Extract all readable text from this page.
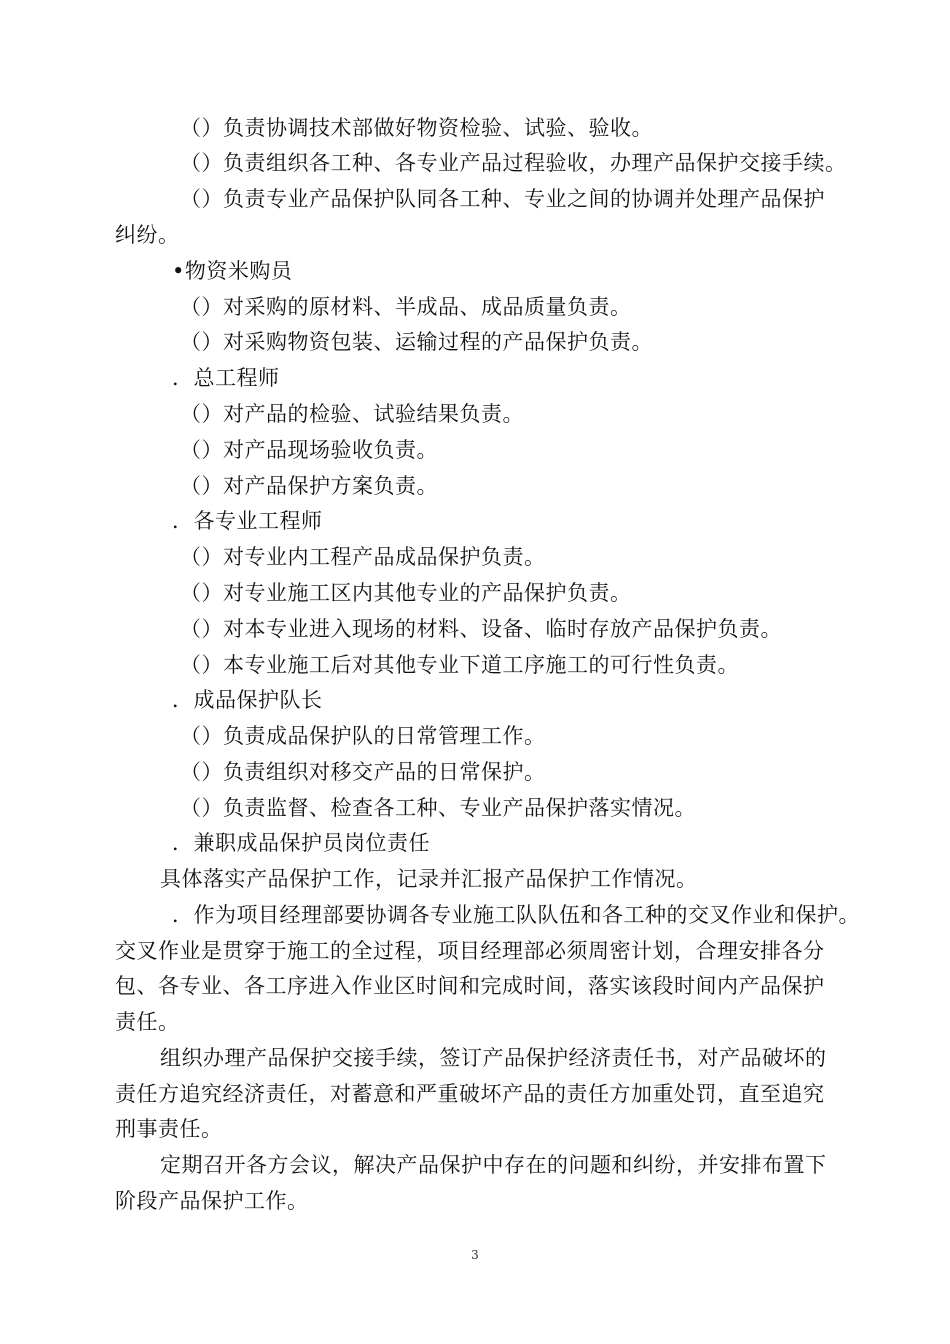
（）负责协调技术部做好物资检验、试验、验收。
（）负责组织各工种、各专业产品过程验收，办理产品保护交接手续。
（）负责专业产品保护队同各工种、专业之间的协调并处理产品保护
纠纷。
•物资米购员
（）对采购的原材料、半成品、成品质量负责。
（）对采购物资包装、运输过程的产品保护负责。
．总工程师
（）对产品的检验、试验结果负责。
（）对产品现场验收负责。
（）对产品保护方案负责。
．各专业工程师
（）对专业内工程产品成品保护负责。
（）对专业施工区内其他专业的产品保护负责。
（）对本专业进入现场的材料、设备、临时存放产品保护负责。
（）本专业施工后对其他专业下道工序施工的可行性负责。
．成品保护队长
（）负责成品保护队的日常管理工作。
（）负责组织对移交产品的日常保护。
（）负责监督、检查各工种、专业产品保护落实情况。
．兼职成品保护员岗位责任
具体落实产品保护工作，记录并汇报产品保护工作情况。
．作为项目经理部要协调各专业施工队队伍和各工种的交叉作业和保护。
交叉作业是贯穿于施工的全过程，项目经理部必须周密计划，合理安排各分
包、各专业、各工序进入作业区时间和完成时间，落实该段时间内产品保护
责任。
组织办理产品保护交接手续，签订产品保护经济责任书，对产品破坏的
责任方追究经济责任，对蓄意和严重破坏产品的责任方加重处罚，直至追究
刑事责任。
定期召开各方会议，解决产品保护中存在的问题和纠纷，并安排布置下
阶段产品保护工作。
3
